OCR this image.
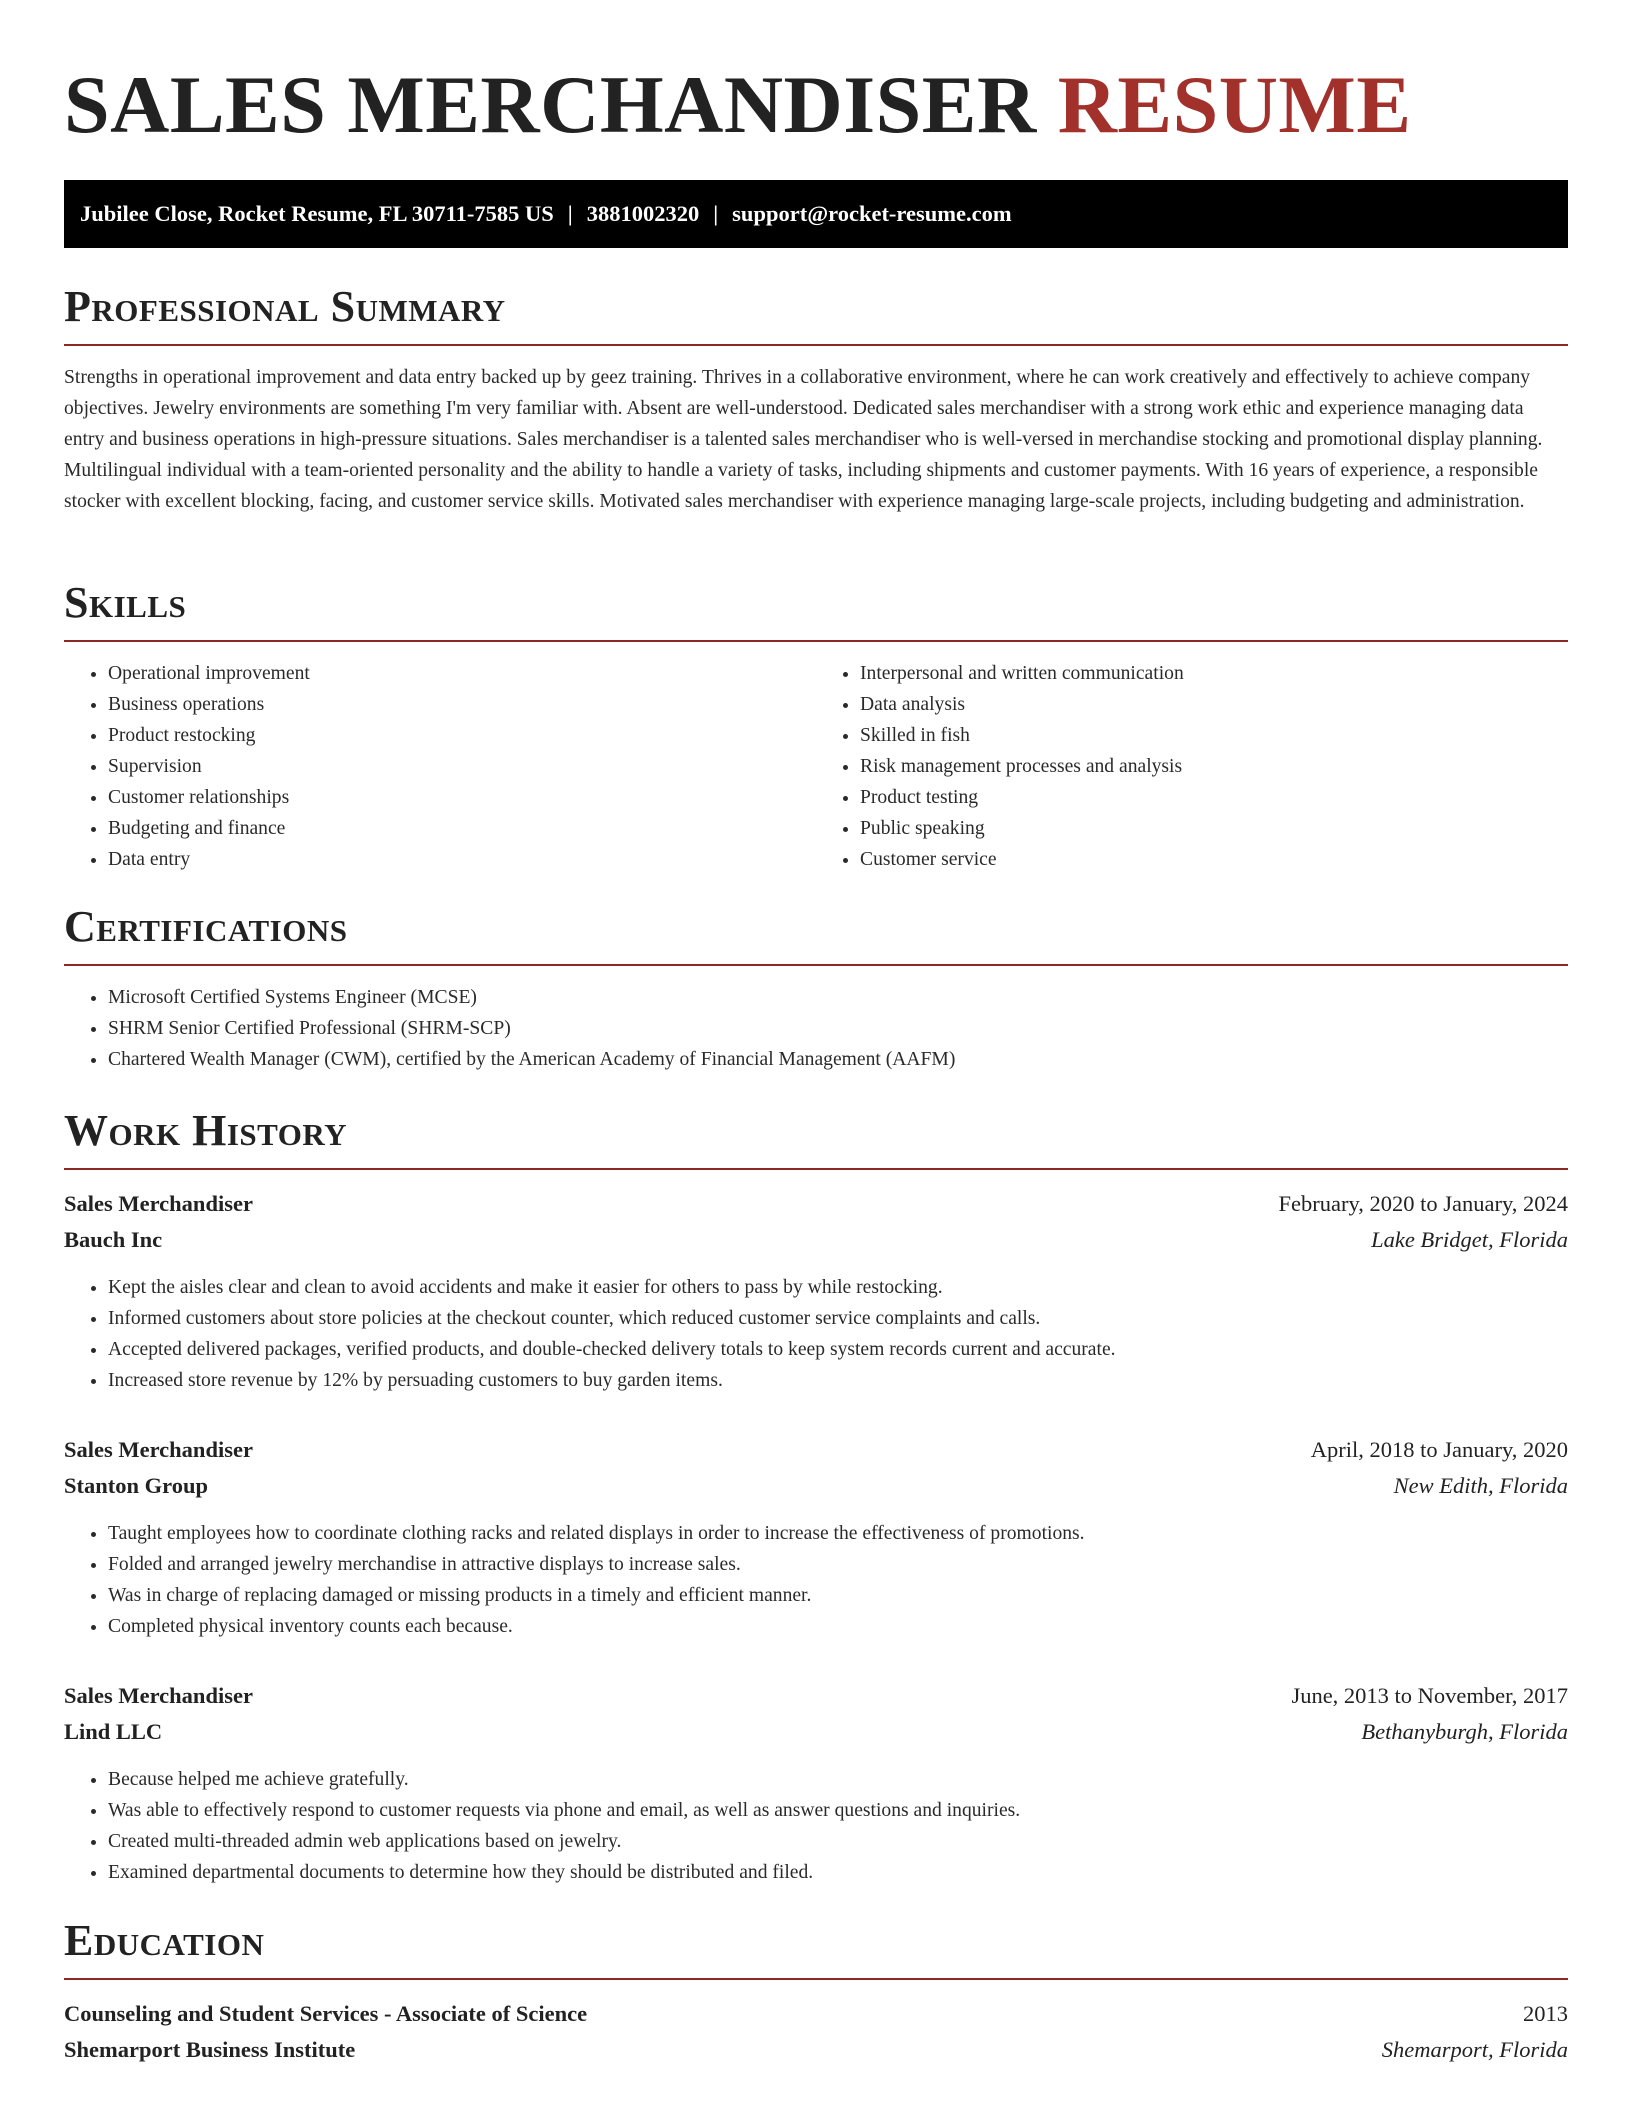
SALES MERCHANDISER RESUME
Jubilee Close, Rocket Resume, FL 30711-7585 US | 3881002320 | support@rocket-resume.com
Professional Summary

Strengths in operational improvement and data entry backed up by geez training. Thrives in a collaborative environment, where he can work creatively and effectively to achieve company objectives. Jewelry environments are something I'm very familiar with. Absent are well-understood. Dedicated sales merchandiser with a strong work ethic and experience managing data entry and business operations in high-pressure situations. Sales merchandiser is a talented sales merchandiser who is well-versed in merchandise stocking and promotional display planning. Multilingual individual with a team-oriented personality and the ability to handle a variety of tasks, including shipments and customer payments. With 16 years of experience, a responsible stocker with excellent blocking, facing, and customer service skills. Motivated sales merchandiser with experience managing large-scale projects, including budgeting and administration.

Skills
• Operational improvement
• Business operations
• Product restocking
• Supervision
• Customer relationships
• Budgeting and finance
• Data entry
• Interpersonal and written communication
• Data analysis
• Skilled in fish
• Risk management processes and analysis
• Product testing
• Public speaking
• Customer service
Certifications
• Microsoft Certified Systems Engineer (MCSE)
• SHRM Senior Certified Professional (SHRM-SCP)
• Chartered Wealth Manager (CWM), certified by the American Academy of Financial Management (AAFM)
Work History
Sales Merchandiser	February, 2020 to January, 2024
Bauch Inc	Lake Bridget, Florida
• Kept the aisles clear and clean to avoid accidents and make it easier for others to pass by while restocking.
• Informed customers about store policies at the checkout counter, which reduced customer service complaints and calls.
• Accepted delivered packages, verified products, and double-checked delivery totals to keep system records current and accurate.
• Increased store revenue by 12% by persuading customers to buy garden items.
Sales Merchandiser	April, 2018 to January, 2020
Stanton Group	New Edith, Florida
• Taught employees how to coordinate clothing racks and related displays in order to increase the effectiveness of promotions.
• Folded and arranged jewelry merchandise in attractive displays to increase sales.
• Was in charge of replacing damaged or missing products in a timely and efficient manner.
• Completed physical inventory counts each because.
Sales Merchandiser	June, 2013 to November, 2017
Lind LLC	Bethanyburgh, Florida
• Because helped me achieve gratefully.
• Was able to effectively respond to customer requests via phone and email, as well as answer questions and inquiries.
• Created multi-threaded admin web applications based on jewelry.
• Examined departmental documents to determine how they should be distributed and filed.
Education
Counseling and Student Services - Associate of Science	2013
Shemarport Business Institute	Shemarport, Florida
